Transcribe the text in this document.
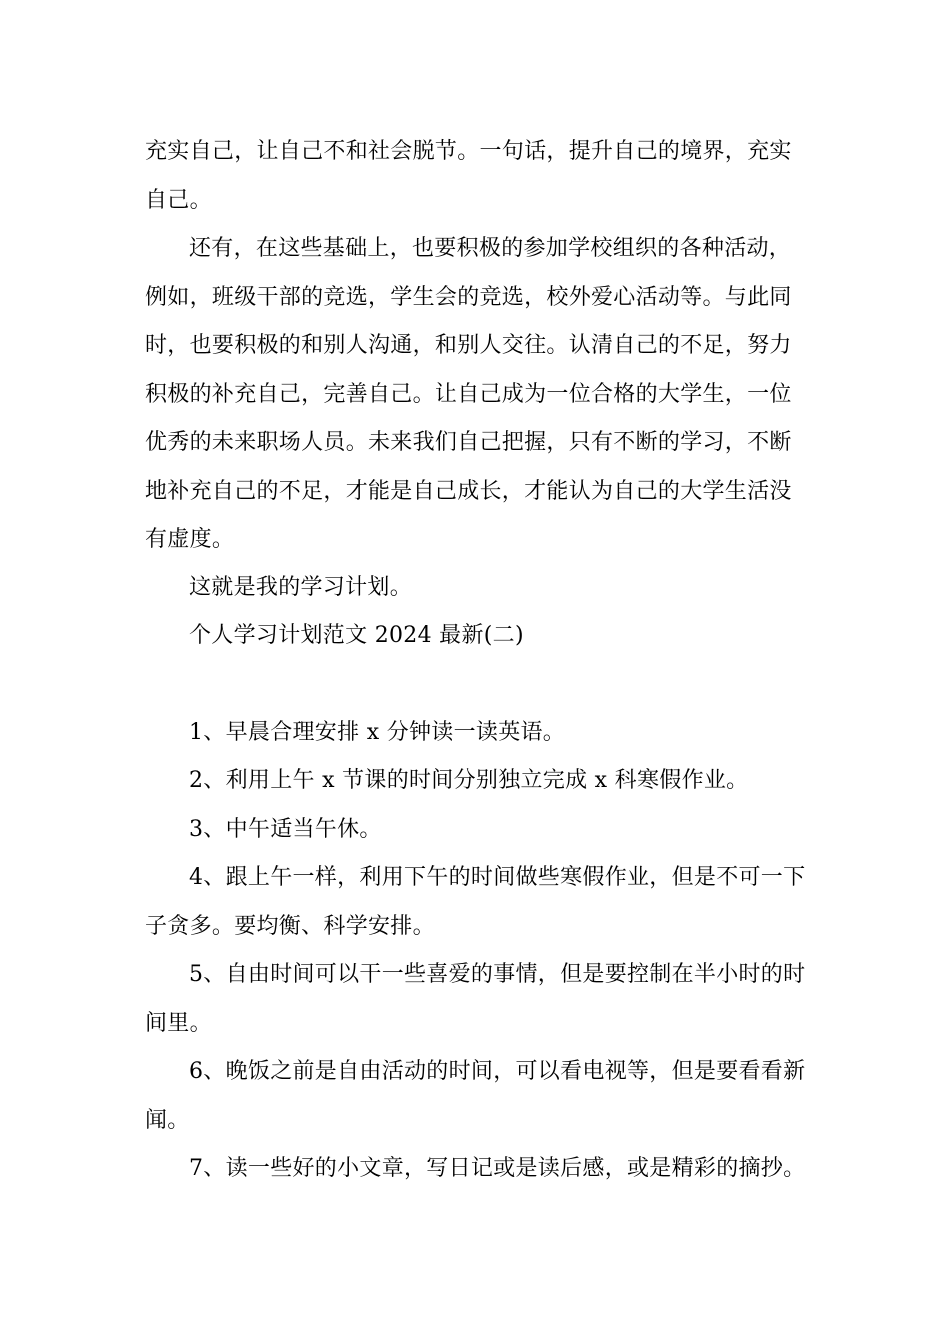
充实自己，让自己不和社会脱节。一句话，提升自己的境界，充实
自己。
还有，在这些基础上，也要积极的参加学校组织的各种活动，
例如，班级干部的竞选，学生会的竞选，校外爱心活动等。与此同
时，也要积极的和别人沟通，和别人交往。认清自己的不足，努力
积极的补充自己，完善自己。让自己成为一位合格的大学生，一位
优秀的未来职场人员。未来我们自己把握，只有不断的学习，不断
地补充自己的不足，才能是自己成长，才能认为自己的大学生活没
有虚度。
这就是我的学习计划。
个人学习计划范文 2024 最新(二)
1、早晨合理安排 x 分钟读一读英语。
2、利用上午 x 节课的时间分别独立完成 x 科寒假作业。
3、中午适当午休。
4、跟上午一样，利用下午的时间做些寒假作业，但是不可一下
子贪多。要均衡、科学安排。
5、自由时间可以干一些喜爱的事情，但是要控制在半小时的时
间里。
6、晚饭之前是自由活动的时间，可以看电视等，但是要看看新
闻。
7、读一些好的小文章，写日记或是读后感，或是精彩的摘抄。
